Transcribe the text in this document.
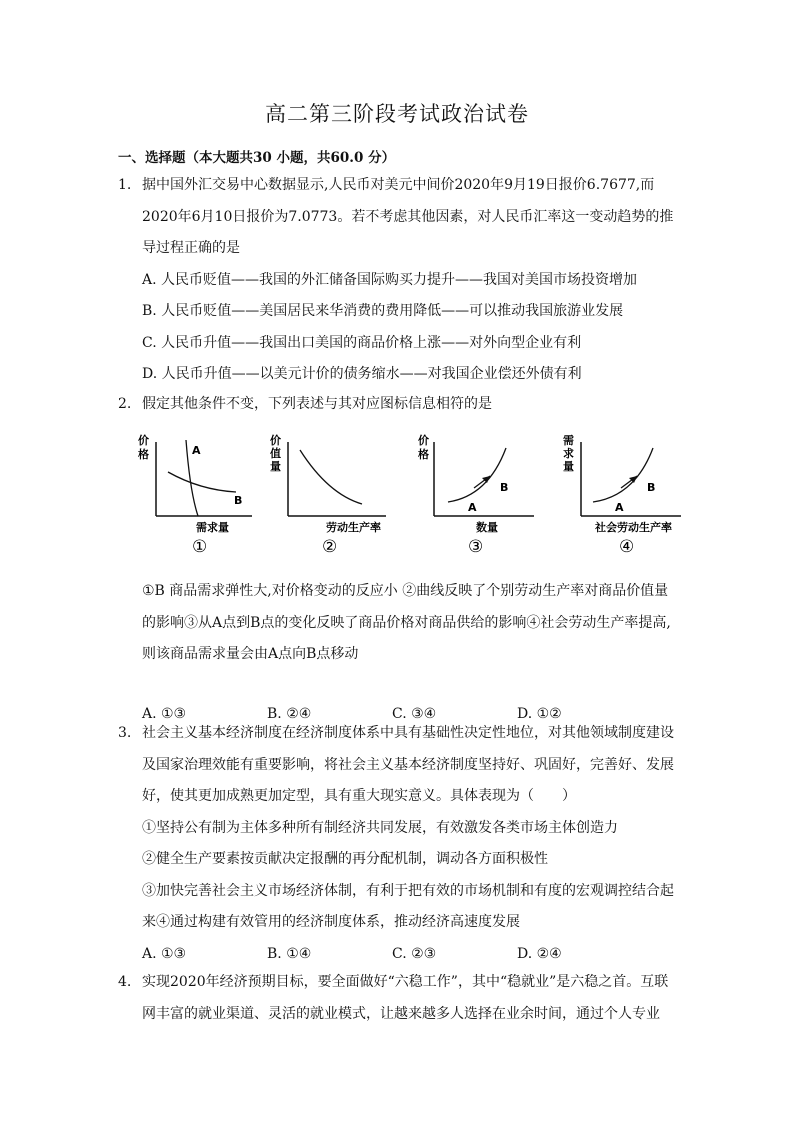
高二第三阶段考试政治试卷
一、选择题（本大题共30 小题，共60.0 分）
1. 据中国外汇交易中心数据显示,人民币对美元中间价2020年9月19日报价6.7677,而2020年6月10日报价为7.0773。若不考虑其他因素，对人民币汇率这一变动趋势的推导过程正确的是
A. 人民币贬值——我国的外汇储备国际购买力提升——我国对美国市场投资增加
B. 人民币贬值——美国居民来华消费的费用降低——可以推动我国旅游业发展
C. 人民币升值——我国出口美国的商品价格上涨——对外向型企业有利
D. 人民币升值——以美元计价的债务缩水——对我国企业偿还外债有利
2. 假定其他条件不变，下列表述与其对应图标信息相符的是
价
格	A
B
需求量
①
价
值
量
劳动生产率
②
价
格
A
B
数量
③
需
求
量
A
B
社会劳动生产率
④
①B 商品需求弹性大,对价格变动的反应小 ②曲线反映了个别劳动生产率对商品价值量的影响③从A点到B点的变化反映了商品价格对商品供给的影响④社会劳动生产率提高,则该商品需求量会由A点向B点移动
A. ①③	B. ②④	C. ③④	D. ①②
3. 社会主义基本经济制度在经济制度体系中具有基础性决定性地位，对其他领域制度建设及国家治理效能有重要影响，将社会主义基本经济制度坚持好、巩固好，完善好、发展好，使其更加成熟更加定型，具有重大现实意义。具体表现为（　　）
①坚持公有制为主体多种所有制经济共同发展，有效激发各类市场主体创造力
②健全生产要素按贡献决定报酬的再分配机制，调动各方面积极性
③加快完善社会主义市场经济体制，有利于把有效的市场机制和有度的宏观调控结合起来④通过构建有效管用的经济制度体系，推动经济高速度发展
A. ①③	B. ①④	C. ②③	D. ②④
4. 实现2020年经济预期目标，要全面做好“六稳工作”，其中“稳就业”是六稳之首。互联网丰富的就业渠道、灵活的就业模式，让越来越多人选择在业余时间，通过个人专业
